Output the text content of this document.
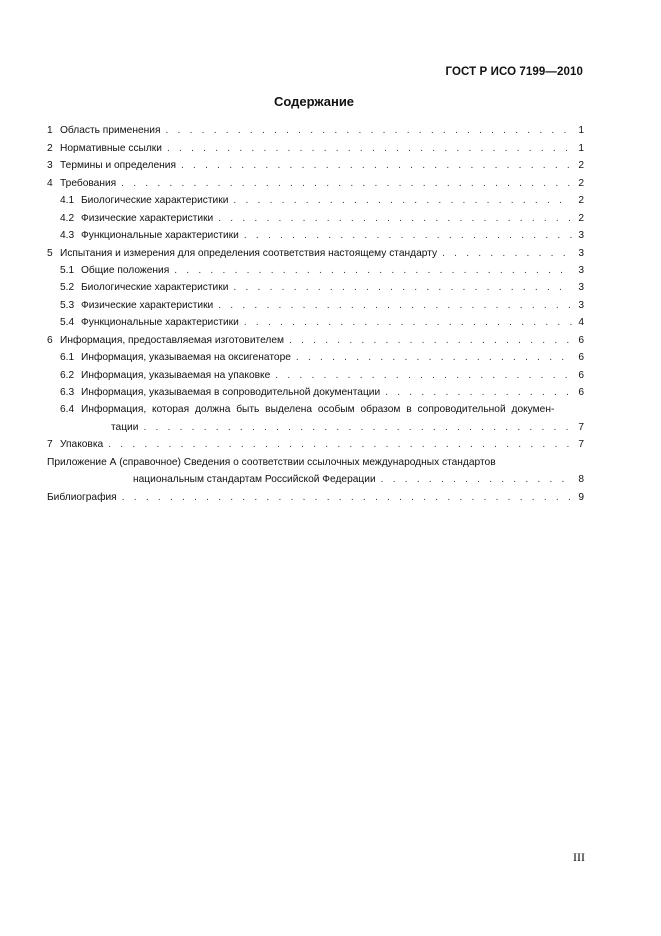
ГОСТ Р ИСО 7199—2010
Содержание
1 Область применения . . .	1
2 Нормативные ссылки . . .	1
3 Термины и определения . . .	2
4 Требования . . .	2
4.1 Биологические характеристики . . .	2
4.2 Физические характеристики . . .	2
4.3 Функциональные характеристики . . .	3
5 Испытания и измерения для определения соответствия настоящему стандарту . . .	3
5.1 Общие положения . . .	3
5.2 Биологические характеристики . . .	3
5.3 Физические характеристики . . .	3
5.4 Функциональные характеристики . . .	4
6 Информация, предоставляемая изготовителем . . .	6
6.1 Информация, указываемая на оксигенаторе . . .	6
6.2 Информация, указываемая на упаковке . . .	6
6.3 Информация, указываемая в сопроводительной документации . . .	6
6.4 Информация, которая должна быть выделена особым образом в сопроводительной докумен-
тации . . .	7
7 Упаковка . . .	7
Приложение А (справочное) Сведения о соответствии ссылочных международных стандартов
национальным стандартам Российской Федерации . . .	8
Библиография . . .	9
III
